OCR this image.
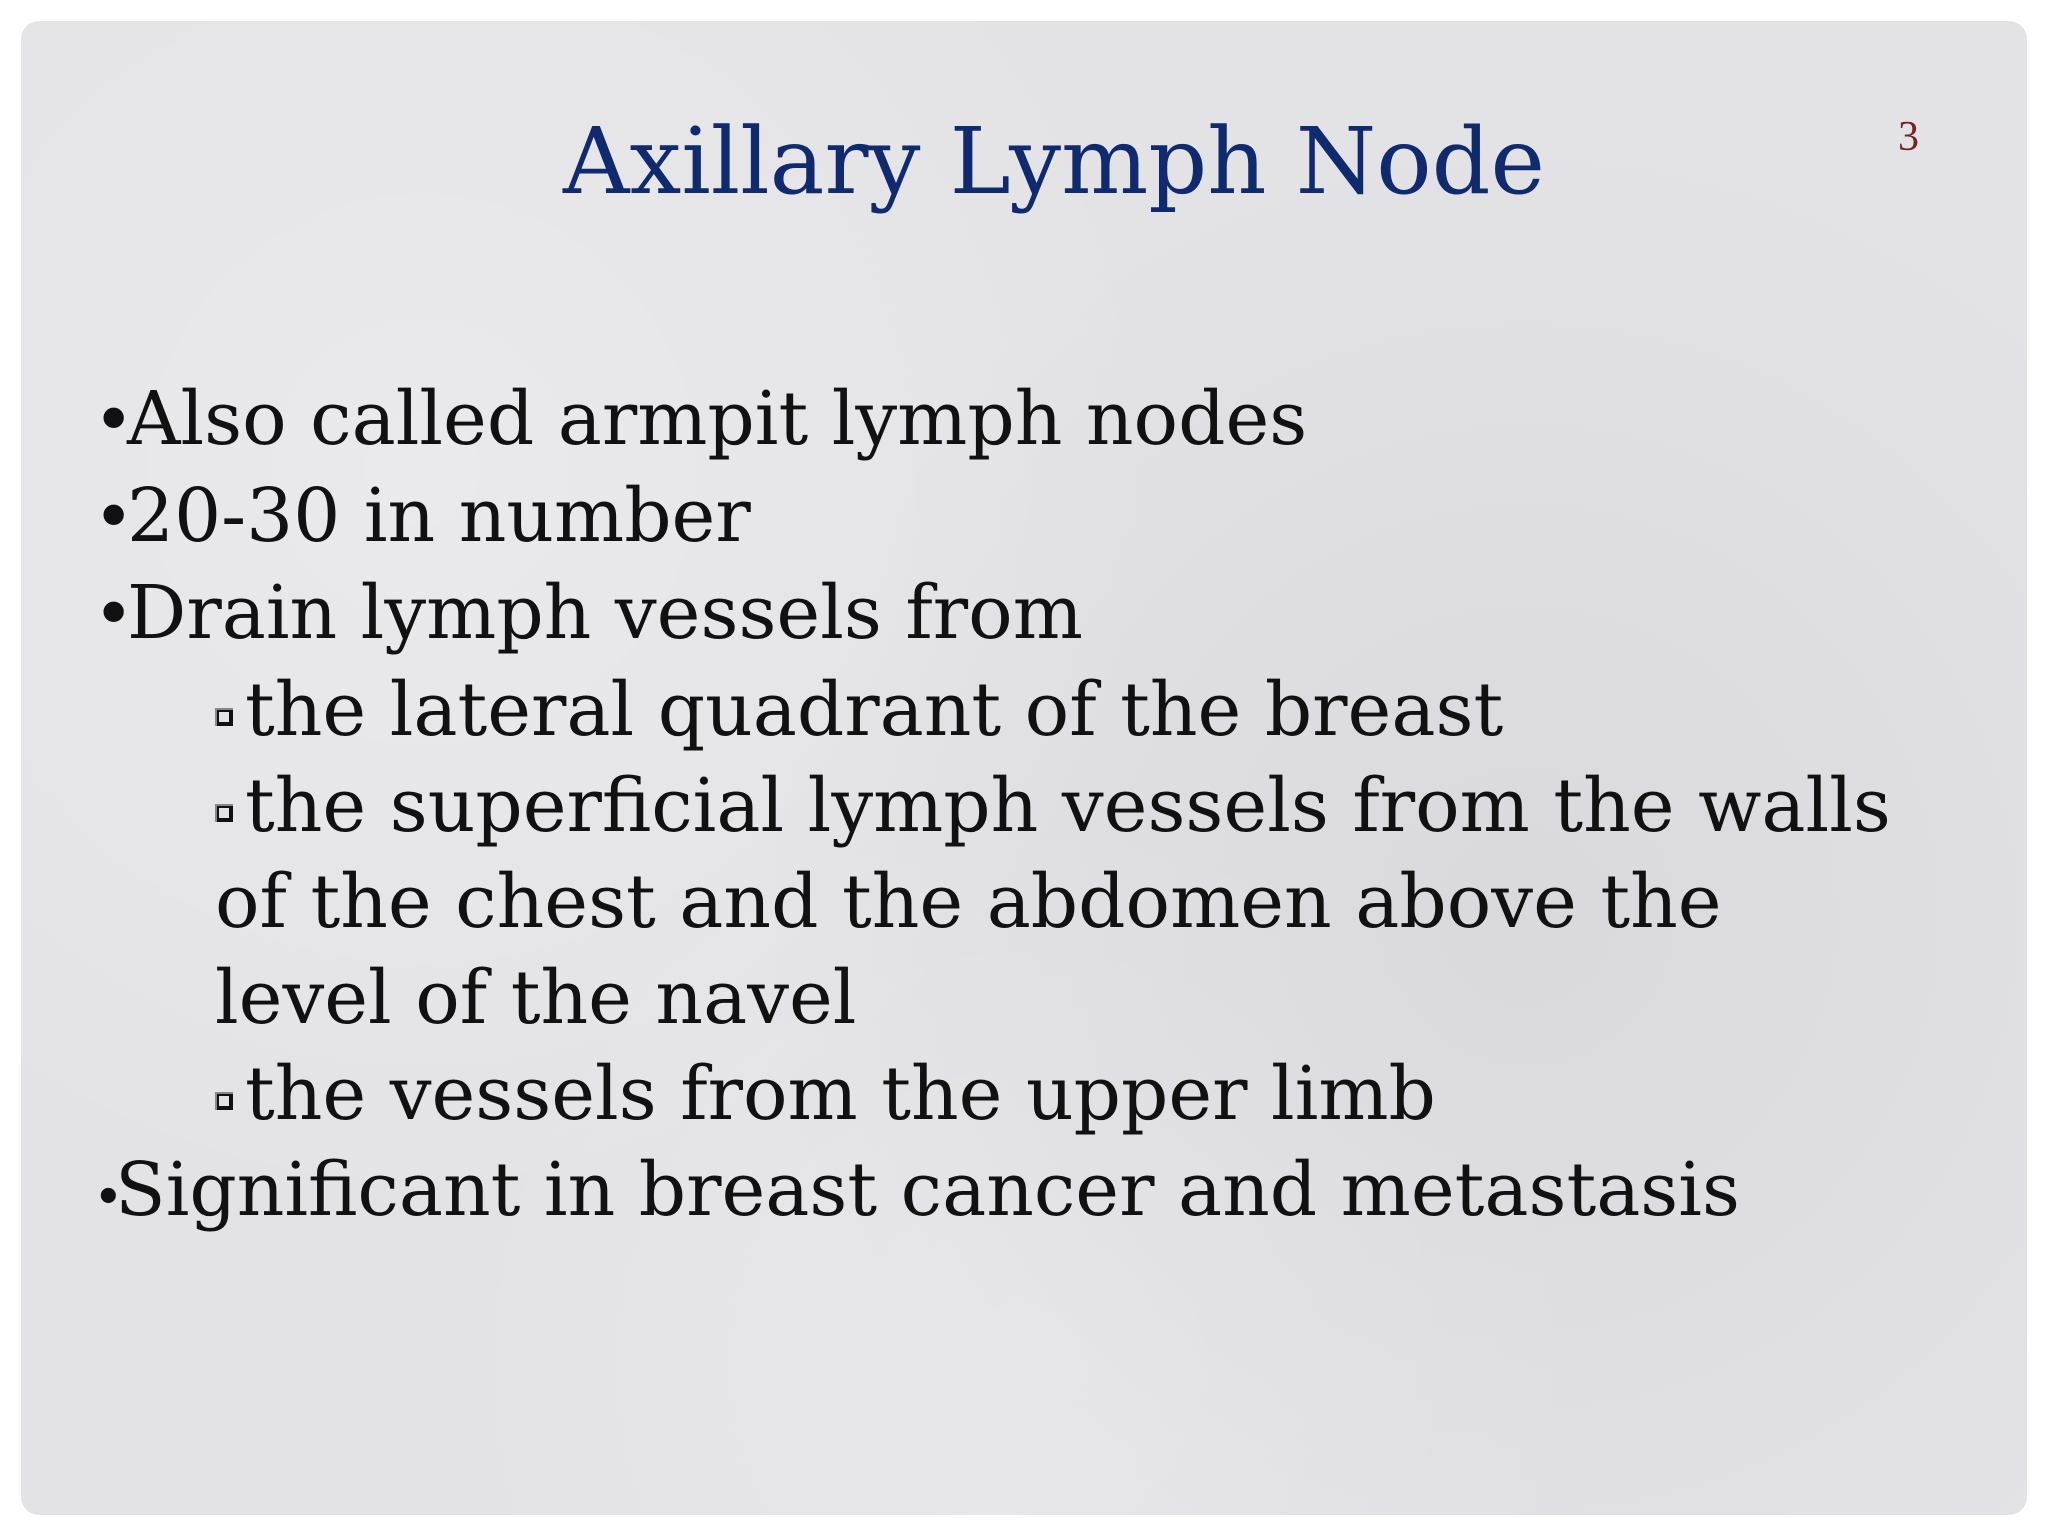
3
Axillary Lymph Node
•Also called armpit lymph nodes
•20-30 in number
•Drain lymph vessels from
the lateral quadrant of the breast
the superficial lymph vessels from the walls of the chest and the abdomen above the level of the navel
the vessels from the upper limb
•Significant in breast cancer and metastasis
